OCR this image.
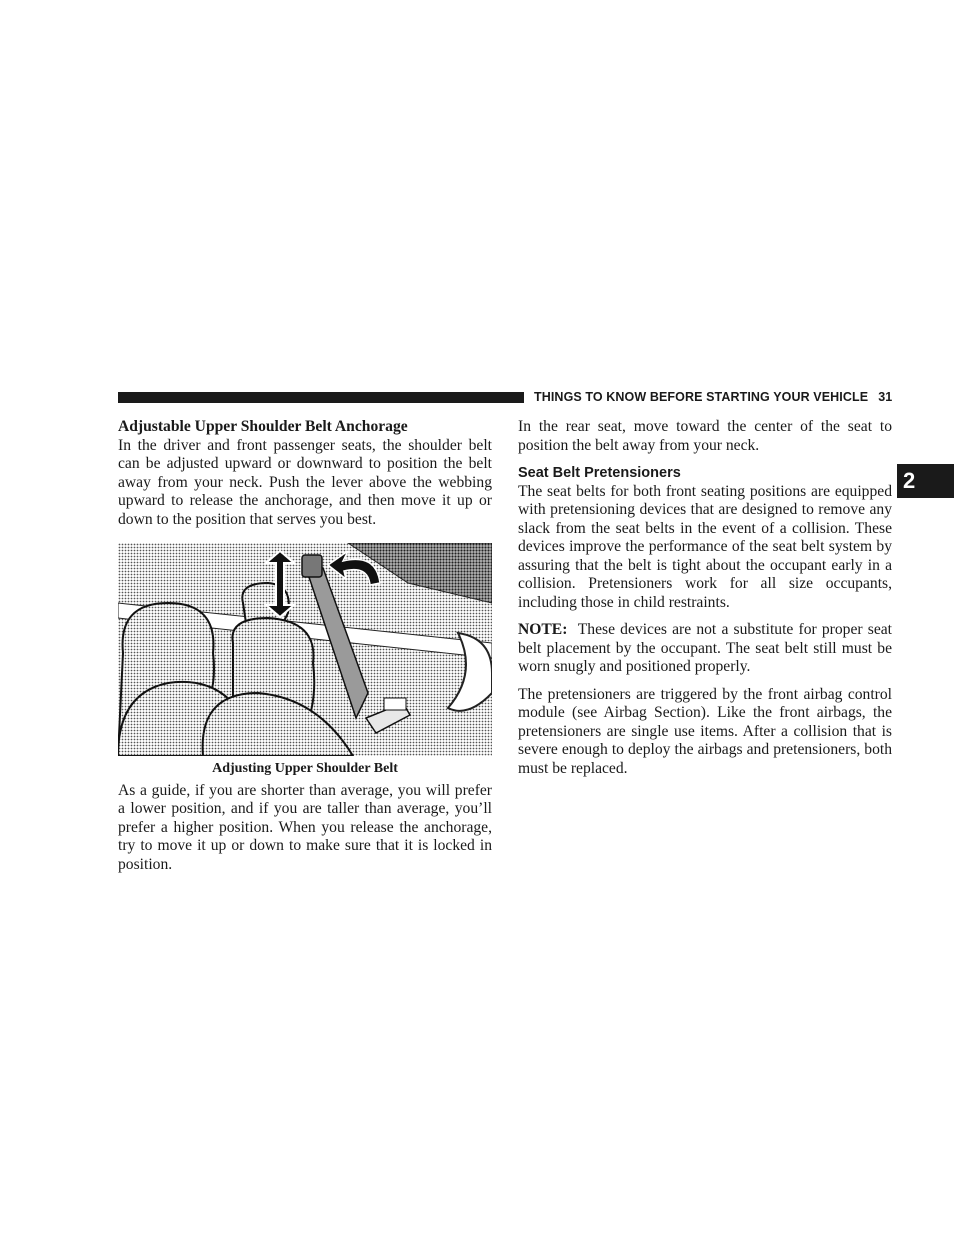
THINGS TO KNOW BEFORE STARTING YOUR VEHICLE 31
2
Adjustable Upper Shoulder Belt Anchorage

In the driver and front passenger seats, the shoulder belt can be adjusted upward or downward to position the belt away from your neck. Push the lever above the webbing upward to release the anchorage, and then move it up or down to the position that serves you best.

Adjusting Upper Shoulder Belt

As a guide, if you are shorter than average, you will prefer a lower position, and if you are taller than average, you’ll prefer a higher position. When you release the anchorage, try to move it up or down to make sure that it is locked in position.

In the rear seat, move toward the center of the seat to position the belt away from your neck.

Seat Belt Pretensioners

The seat belts for both front seating positions are equipped with pretensioning devices that are designed to remove any slack from the seat belts in the event of a collision. These devices improve the performance of the seat belt system by assuring that the belt is tight about the occupant early in a collision. Pretensioners work for all size occupants, including those in child restraints.

NOTE: These devices are not a substitute for proper seat belt placement by the occupant. The seat belt still must be worn snugly and positioned properly.

The pretensioners are triggered by the front airbag control module (see Airbag Section). Like the front airbags, the pretensioners are single use items. After a collision that is severe enough to deploy the airbags and pretensioners, both must be replaced.
